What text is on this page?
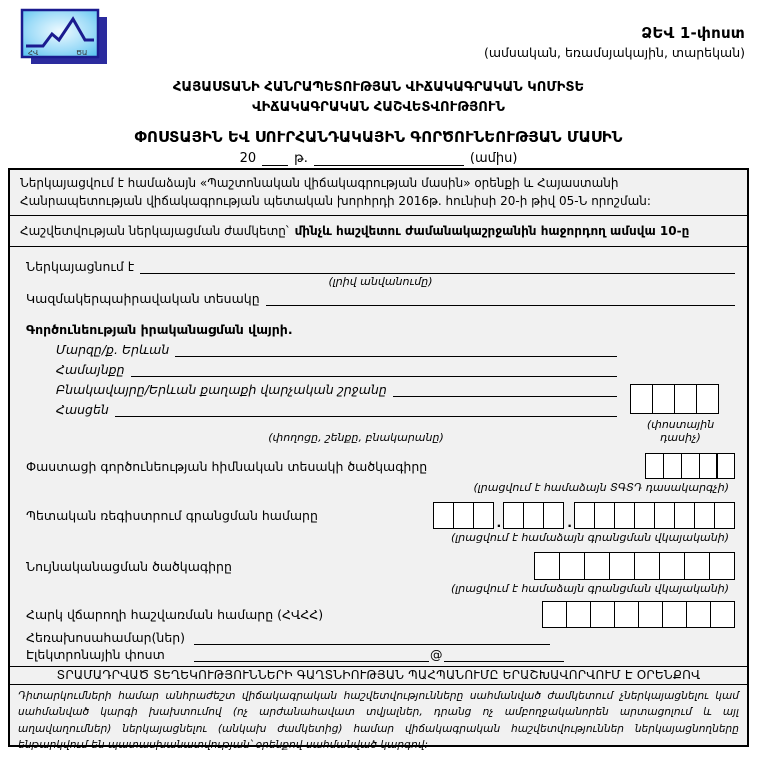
ՀՎ	ԾԱ
ՁԵՎ 1-փոստ
(ամսական, եռամսյակային, տարեկան)
ՀԱՅԱՍՏԱՆԻ ՀԱՆՐԱՊԵՏՈՒԹՅԱՆ ՎԻՃԱԿԱԳՐԱԿԱՆ ԿՈՄԻՏԵ
ՎԻՃԱԿԱԳՐԱԿԱՆ ՀԱՇՎԵՏՎՈՒԹՅՈՒՆ
ՓՈՍՏԱՅԻՆ ԵՎ ՍՈՒՐՀԱՆԴԱԿԱՅԻՆ ԳՈՐԾՈՒՆԵՈՒԹՅԱՆ ՄԱՍԻՆ
20	թ.	(ամիս)
Ներկայացվում է համաձայն «Պաշտոնական վիճակագրության մասին» օրենքի և Հայաստանի Հանրապետության վիճակագրության պետական խորհրդի 2016թ. հունիսի 20-ի թիվ 05-Ն որոշման:
Հաշվետվության ներկայացման ժամկետը՝ մինչև հաշվետու ժամանակաշրջանին հաջորդող ամսվա 10-ը
Ներկայացնում է
(լրիվ անվանումը)
Կազմակերպաիրավական տեսակը
Գործունեության իրականացման վայրի.
Մարզը/ք. Երևան
Համայնքը
Բնակավայրը/Երևան քաղաքի վարչական շրջանը
Հասցեն
(փողոցը, շենքը, բնակարանը)
(փոստային դասիչ)
Փաստացի գործունեության հիմնական տեսակի ծածկագիրը
(լրացվում է համաձայն ՏԳՏԴ դասակարգչի)
Պետական ռեգիստրում գրանցման համարը	.	.
(լրացվում է համաձայն գրանցման վկայականի)
Նույնականացման ծածկագիրը
(լրացվում է համաձայն գրանցման վկայականի)
Հարկ վճարողի հաշվառման համարը (ՀՎՀՀ)
Հեռախոսահամար(ներ)
Էլեկտրոնային փոստ	@
ՏՐԱՄԱԴՐՎԱԾ ՏԵՂԵԿՈՒԹՅՈՒՆՆԵՐԻ ԳԱՂՏՆԻՈՒԹՅԱՆ ՊԱՀՊԱՆՈՒՄԸ ԵՐԱՇԽԱՎՈՐՎՈՒՄ Է ՕՐԵՆՔՈՎ
Դիտարկումների համար անհրաժեշտ վիճակագրական հաշվետվությունները սահմանված ժամկետում չներկայացնելու կամ սահմանված կարգի խախտումով (ոչ արժանահավատ տվյալներ, դրանց ոչ ամբողջականորեն արտացոլում և այլ աղավաղումներ) ներկայացնելու (անկախ ժամկետից) համար վիճակագրական հաշվետվություններ ներկայացնողները ենթարկվում են պատասխանատվության՝ օրենքով սահմանված կարգով:
